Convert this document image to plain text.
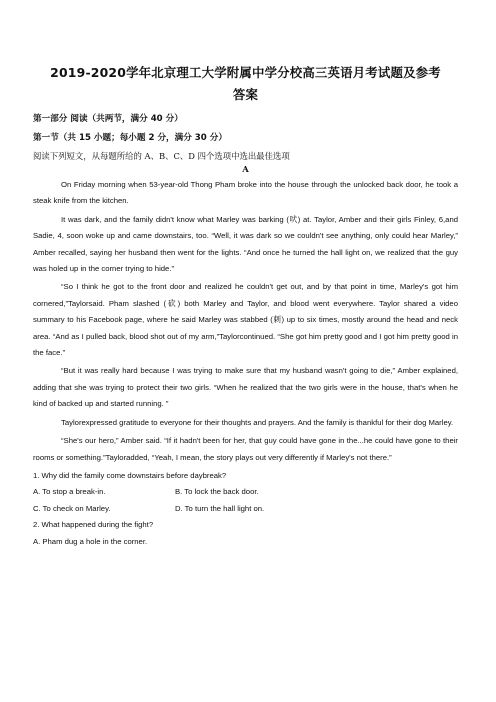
2019-2020学年北京理工大学附属中学分校高三英语月考试题及参考
答案

第一部分 阅读（共两节，满分 40 分）

第一节（共 15 小题；每小题 2 分，满分 30 分）

阅读下列短文，从每题所给的 A、B、C、D 四个选项中选出最佳选项

A

On Friday morning when 53-year-old Thong Pham broke into the house through the unlocked back door, he took a steak knife from the kitchen.

It was dark, and the family didn't know what Marley was barking (吠) at. Taylor, Amber and their girls Finley, 6,and Sadie, 4, soon woke up and came downstairs, too. “Well, it was dark so we couldn't see anything, only could hear Marley,” Amber recalled, saying her husband then went for the lights. “And once he turned the hall light on, we realized that the guy was holed up in the corner trying to hide.”

“So I think he got to the front door and realized he couldn't get out, and by that point in time, Marley's got him cornered,”Taylorsaid. Pham slashed (砍) both Marley and Taylor, and blood went everywhere. Taylor shared a video summary to his Facebook page, where he said Marley was stabbed (刺) up to six times, mostly around the head and neck area. “And as I pulled back, blood shot out of my arm,”Taylorcontinued. “She got him pretty good and I got him pretty good in the face.”

“But it was really hard because I was trying to make sure that my husband wasn't going to die,” Amber explained, adding that she was trying to protect their two girls. “When he realized that the two girls were in the house, that's when he kind of backed up and started running. ”

Taylorexpressed gratitude to everyone for their thoughts and prayers. And the family is thankful for their dog Marley.

“She's our hero,” Amber said. “If it hadn't been for her, that guy could have gone in the...he could have gone to their rooms or something.”Tayloradded, “Yeah, I mean, the story plays out very differently if Marley's not there.”

1. Why did the family come downstairs before daybreak?

A. To stop a break-in.	B. To lock the back door.
C. To check on Marley.	D. To turn the hall light on.

2. What happened during the fight?

A. Pham dug a hole in the corner.
